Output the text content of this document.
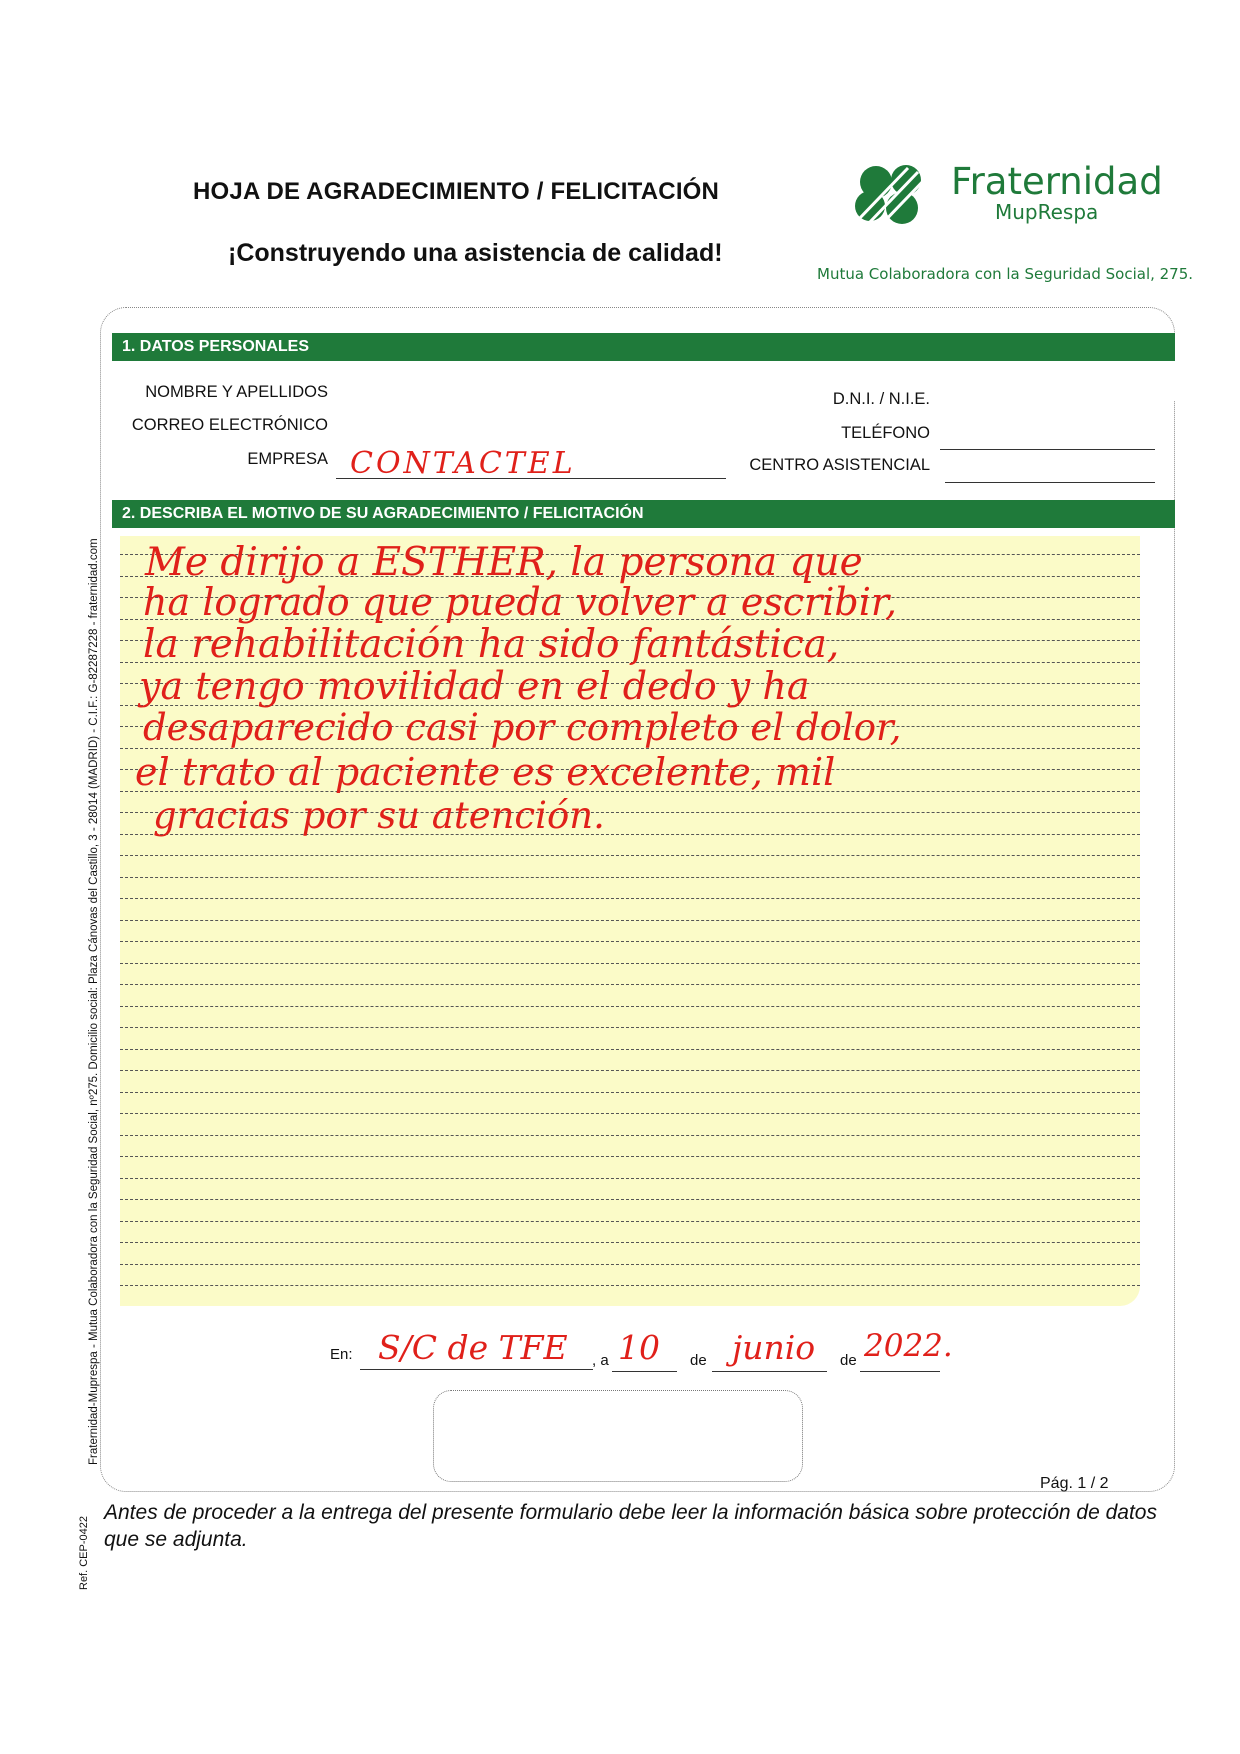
HOJA DE AGRADECIMIENTO / FELICITACIÓN
¡Construyendo una asistencia de calidad!
Fraternidad
MupRespa
Mutua Colaboradora con la Seguridad Social, 275.
Fraternidad-Muprespa - Mutua Colaboradora con la Seguridad Social, nº275. Domicilio social: Plaza Cánovas del Castillo, 3 - 28014 (MADRID) - C.I.F.: G-82287228 - fraternidad.com
Ref. CEP-0422
1. DATOS PERSONALES
NOMBRE Y APELLIDOS
CORREO ELECTRÓNICO
EMPRESA CONTACTEL
D.N.I. / N.I.E.
TELÉFONO
CENTRO ASISTENCIAL
2. DESCRIBA EL MOTIVO DE SU AGRADECIMIENTO / FELICITACIÓN
Me dirijo a ESTHER, la persona que
ha logrado que pueda volver a escribir,
la rehabilitación ha sido fantástica,
ya tengo movilidad en el dedo y ha
desaparecido casi por completo el dolor,
el trato al paciente es excelente, mil
gracias por su atención.
En: S/C de TFE , a 10 de junio de 2022.
Pág. 1 / 2
Antes de proceder a la entrega del presente formulario debe leer la información básica sobre protección de datos que se adjunta.
